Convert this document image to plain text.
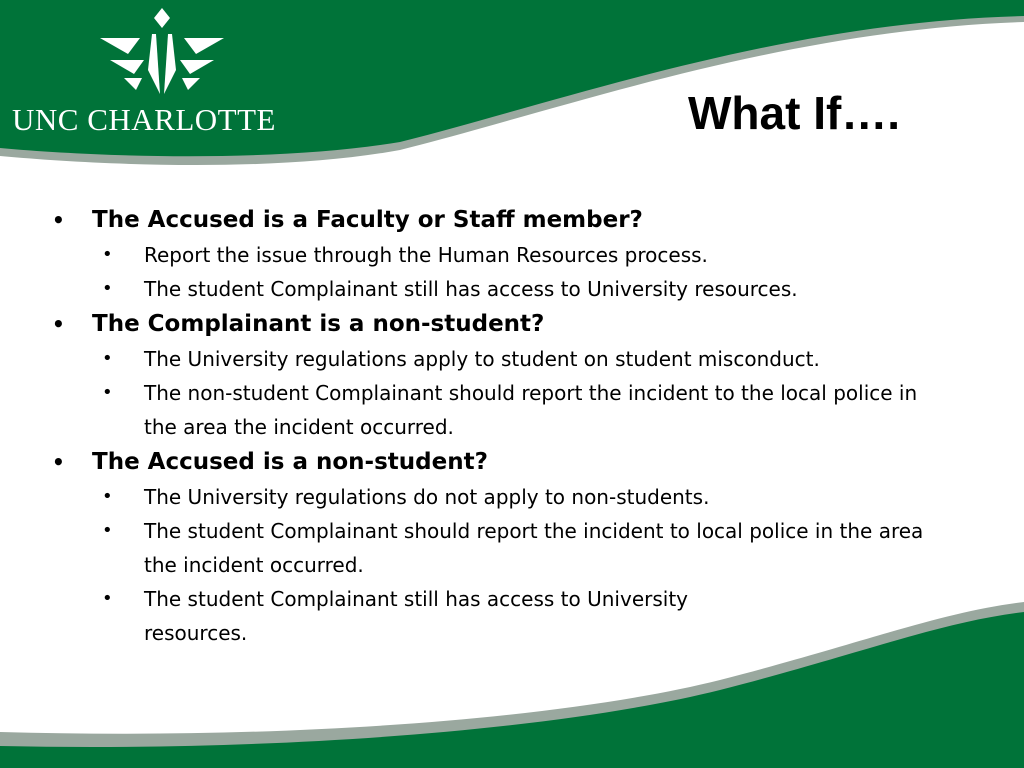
UNC CHARLOTTE	What If….
• The Accused is a Faculty or Staff member?
• Report the issue through the Human Resources process.
• The student Complainant still has access to University resources.
• The Complainant is a non-student?
• The University regulations apply to student on student misconduct.
• The non-student Complainant should report the incident to the local police in the area the incident occurred.
• The Accused is a non-student?
• The University regulations do not apply to non-students.
• The student Complainant should report the incident to local police in the area the incident occurred.
• The student Complainant still has access to University resources.
